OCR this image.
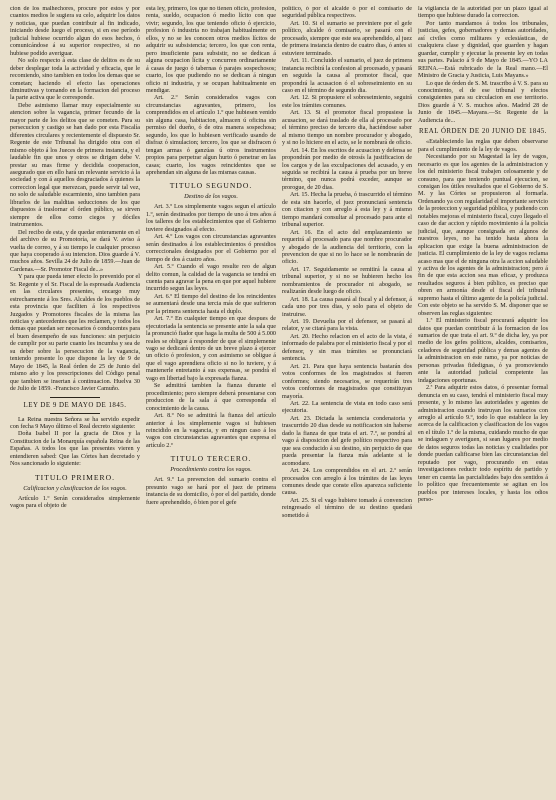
cion de los malhechores, procure por estos y por cuantos medios le sugiera su celo, adquirir los datos y noticias, que puedan contribuir al fin indicado, iniciando desde luego el proceso, si en ese período judicial hubiese ocurrido algun do esos hechos, ó comunicándose á su superior respectivo, si no hubiese podido averiguar.

No solo respecto á esta clase de delitos es de su deber desplegar toda la actividad y eficacia, que le recomiendo, sino tambien en todos los demas que se cometan; haciendo el efecto las operaciones diminutivas y tomando en la formacion del proceso la parte activa que le corresponde.

Debe asimismo llamar muy especialmente su atencion sobre la vagancia, primer fecundo de la mayor parte de los delitos que se cometen. Para su persecucion y castigo se han dado por esta Fiscalía diferentes circulares y recientemente el dispuesto Sr. Regente de este Tribunal ha dirigido otra con el mismo objeto á los Jueces de primera instancia, y el laudable fin que unos y otros se dirigen debe V. prestar su mas firme y decidida cooperacion, asegurado que en ello hará un relevante servicio á la sociedad y con á aquellos desgraciados á quienes la correccion legal que merezcan, puede servir tal vez, no solo de saludable escarmiento, sino tambien para librarlos de las malditas seducciones de los que dispuestos á traslornar el órden público, se sirven siempre de ellos como ciegos y dóciles instrumentos.

Del recibo de esta, y de quedar enteramente en el del archivo de su Promotoría, se dará V. aviso á vuelta de correo, y á su tiempo le cualquier proceso que haya cooperado á su intencion. Dios guarde á V. muchos años. Sevilla 24 de Julio de 1859.—Juan de Cardenas.—Sr. Promotor Fiscal de...»

Y para que pueda tener efecto lo prevenido por el Sr. Regente y el Sr. Fiscal de la espresada Audiencia en las circulares presentes, encargo muy estrechamente á los Sres. Alcaldes de los pueblos de esta provincia que faciliten á los respectivos Juzgados y Promotores fiscales de la misma las noticias y antecedentes que les reclamen, y todos los demas que puedan ser necesarios ó conducentes para el buen desempeño de sus funciones: sin perjuicio de cumplir por su parte cuanto les incumba y sea de su deber sobre la persecucion de la vagancia, teniendo presente lo que dispone la ley de 9 de Mayo de 1845, la Real órden de 25 de Junio del mismo año y los prescripciones del Código penal que tambien se insertan á continuacion. Huelva 30 de Julio de 1859. -Francisco Javier Camuño.

LEY DE 9 DE MAYO DE 1845.

La Reina nuestra Señora se ha servido expedir con fecha 9 Mayo último el Real decreto siguiente:

Doña Isabel II por la gracia de Dios y la Constitucion de la Monarquía española Reina de las Españas. A todos los que las presentes vieren y entendieren sabed: Que las Córtes han decretado y Nos sancionado lo siguiente:

TITULO PRIMERO.
Calificacion y clasificacion de los vagos.

Artículo 1.º Serán considerados simplemente vagos para el objeto de

esta ley, primero, los que no tienen oficio, profesion, renta, sueldo, ocupacion ó medio lícito con que vivir; segundo, los que teniendo oficio ó ejercicio, profesion ó industria no trabajan habitualmente en ellos, y no se les conocen otros medios lícitos de adquirir su subsistencia; tercero, los que con renta, pero insuficiente para subsistir, no se dedican á alguna ocupacion lícita y concurren ordinariamente á casas de juego ó tabernas ó parajes sospechosos; cuarto, los que pudiendo no se dedican á ningun oficio ni industria, y se ocupan habitualmente en mendigar.

Art. 2.º Serán considerados vagos con circunstancias agravantes, primero, los comprendidos en el artículo 1.º que hubiesen venido sin alguna casa, habitacion, almacen ú oficina sin permiso del dueño, ó de otra manera sospechosa; segundo, los que lo hubiesen verificado usando de disfraz ó simulacion; tercero, los que se disfracen ó tengan armas ó ganzúas ú otros instrumentos propios para perpetrar algun hurto ó penetrar en las casas; cuarto, los vagos reincidentes que se aprehendan sin alguna de las mismas causas.

TITULO SEGUNDO.
Destino de los vagos.

Art. 3.º Los simplemente vagos segun el artículo 1.º, serán destinados por tiempo de uno á tres años á los talleres de los establecimientos que el Gobierno tuviere designados al efecto.

Art. 4.º Los vagos con circunstancias agravantes serán destinados á los establecimientos ó presidios correccionales designados por el Gobierno por el tiempo de dos á cuatro años.

Art. 5.º Cuando el vago resulte reo de algun delito comun, la calidad de la vagancia se tendrá en cuenta para agravar la pena en que por aquel hubiere incurrido segun las leyes.

Art. 6.º El tiempo del destino de los reincidentes se aumentará desde una tercia más de que sufrieron por la primera sentencia hasta el duplo.

Art. 7.º En cualquier tiempo en que despues de ejecutoriada la sentencia se presente ante la sala que la pronunció fiador que haga la multa de 500 á 5.000 reales se obligue á responder de que el simplemente vago se dedicará dentro de un breve plazo á ejercer un oficio ó profesion, y con asimismo se obligue á que el vago aprendiera oficio si no lo tuviere, y á mantenerle entretanto á sus expensas, se pondrá el vago en libertad bajo la expresada fianza.

Se admitirá tambien la fianza durante el procedimiento; pero siempre deberá presentarse con produccion de la sala á que corresponda el conocimiento de la causa.

Art. 8.º No se admitirá la fianza del artículo anterior á los simplemente vagos si hubiesen reincidido en la vagancia, y en ningun caso á los vagos con circunstancias agravantes que expresa el artículo 2.º

TITULO TERCERO.
Procedimiento contra los vagos.

Art. 9.º La prevencion del sumario contra el presunto vago se hará por el juez de primera instancia de su domicilio, ó por el del partido, donde fuere aprehendido, ó bien por el gefe

político, ó por el alcalde ó por el comisario de seguridad pública respectivos.

Art. 10. Si el sumario se previniere por el gefe político, alcalde ó comisario, se pasará con el procesado, siempre que este sea aprehendido, al juez de primera instancia dentro de cuatro dias, ó antes si estuviere terminado.

Art. 11. Concluido el sumario, el juez de primera instancia recibirá la confesion al procesado, y pasará en seguida la causa al promotor fiscal, que propondrá la acusacion ó el sobreseimiento en su caso en el término de segundo dia.

Art. 12. Si propusiere el sobreseimiento, seguirá este los trámites comunes.

Art. 13. Si el promotor fiscal propusiese la acusacion, se dará traslado de ella al procesado por el término preciso de tercero dia, haciéndose saber al mismo tiempo un nombre procurador y abogado, y si no lo hiciere en el acto, se le nombrará de oficio.

Art. 14. En los escritos de acusacion y defensa se propondrán por medio de otrosís la justificacion de los cargos y de las exculpaciones del acusado, y en seguida se recibirá la causa á prueba por un breve término, que nunca podrá exceder, aunque se prorogue, de 20 dias.

Art. 15. Hecha la prueba, ó trascurrido el término de esta sin hacerlo, el juez pronunciará sentencia con citacion y con arreglo á esta ley y á mismo tiempo mandará consultar al procesado para ante el tribunal superior.

Art. 16. En el acto del emplazamiento se requerirá al procesado para que nombre procurador y abogado de la audiencia del territorio, con la prevencion de que si no lo hace se le nombrarán de oficio.

Art. 17. Seguidamente se remitirá la causa al tribunal superior, y si no se hubieren hecho los nombramientos de procurador ni abogado, se realizarán desde luego de oficio.

Art. 18. La causa pasará al fiscal y al defensor, á cada uno por tres dias, y solo para el objeto de instruirse.

Art. 19. Devuelta por el defensor, se pasará al relator, y se citará para la vista.

Art. 20. Hecho relacion en el acto de la vista, é informado de palabra por el ministerio fiscal y por el defensor, y sin mas trámites se pronunciará sentencia.

Art. 21. Para que haya sentencia bastarán dos votos conformes de los magistrados si fueren conformes; siendo necesarios, se requerirán tres votos conformes de magistrados que constituyan mayoría.

Art. 22. La sentencia de vista en todo caso será ejecutoria.

Art. 23. Dictada la sentencia condenatoria y trascurrido 20 dias desde su notificacion sin haberse dado la fianza de que trata el art. 7.º, se pondrá al vago á disposicion del gefe político respectivo para que sea conducido á su destino, sin perjuicio de que pueda presentar la fianza más adelante si le acomodare.

Art. 24. Los comprendidos en el art. 2.º serán procesados con arreglo á los trámites de las leyes comunes desde que conste ellos aparezca suficiente causa.

Art. 25. Si el vago hubiere tomado á convencion reingresado el término de su destino quedará sometido á

la vigilancia de la autoridad por un plazo igual al tiempo que hubiese durado la correccion.

Por tanto mandamos á todos los tribunales, justicias, gefes, gobernadores y demas autoridades, así civiles como militares y eclesiásticas, de cualquiera clase y dignidad, que guarden y hagan guardar, cumplir y ejecutar la presente ley en todas sus partes. Palacio á 9 de Mayo de 1845.—YO LA REINA.—Está rubricado de la Real mano.—El Ministro de Gracia y Justicia, Luis Mayans.»

Lo que de órden de S. M. trascribo á V. S. para su conocimiento, el de ese tribunal y efectos consiguientes para su circulacion en ese territorio. Dios guarde á V. S. muchos años. Madrid 28 de Junio de 1845.—Mayans.—Sr. Regente de la Audiencia de...

REAL ÓRDEN DE 20 JUNIO DE 1845.

«Estableciendo las reglas que deben observarse para el cumplimiento de la ley de vagos.

Necesitando por su Magestad la ley de vagos, necesario es que los agentes de la administracion y los del ministerio fiscal trabajen celosamente y de consuno, para que teniendo puntual ejecucion, se consigan los útiles resultados que el Gobierno de S. M. y las Córtes se propusieron al formarla. Ordenando ya con regularidad el importante servicio de la proteccion y seguridad pública, y pudiendo con notables mejoras el ministerio fiscal, cuyo llegado el caso de dar accion y rápido movimiento á la policía judicial, que, aunque consignada en algunos de nuestros leyes, no ha tenido hasta ahora la aplicacion que exige la buena administracion de justicia. El cumplimiento de la ley de vagos reclama acaso mas que el de ninguna otra la accion saludable y activa de los agentes de la administracion; pero á fin de que esta accion sea mas eficaz, y produzca resultados seguros á bien público, es preciso que obren en armonía desde el fiscal del tribunal supremo hasta el último agente de la policía judicial. Con este objeto se ha servido S. M. disponer que se observen las reglas siguientes:

1.ª El ministerio fiscal procurará adquirir los datos que puedan contribuir á la formacion de los sumarios de que trata el art. 9.º de dicha ley, ya por medio de los gefes políticos, alcaldes, comisarios, celadores de seguridad pública y demas agentes de la administracion en este ramo, ya por noticias de personas privadas fidedignas, ó ya promoviendo ante la autoridad judicial competente las indagaciones oportunas.

2.ª Para adquirir estos datos, ó presentar formal denuncia en su caso, tendrá el ministerio fiscal muy presente, y lo mismo las autoridades y agentes de administracion cuando instruyan los sumarios con arreglo al artículo 9.º, todo lo que establece la ley acerca de la calificacion y clasificacion de los vagos en el título 1.º de la misma, cuidando mucho de que se indaguen y averiguen, si sean lugares por medio de datos seguros todas las noticias y cualidades por donde puedan calificarse bien las circunstancias del reputado por vago, procurando en estas investigaciones reducir todo espíritu de partido y tener en cuenta las parcialidades bajo dos sentidos á lo político que frecuentemente se agitan en los pueblos por intereses locales, y hasta los odios perso-
